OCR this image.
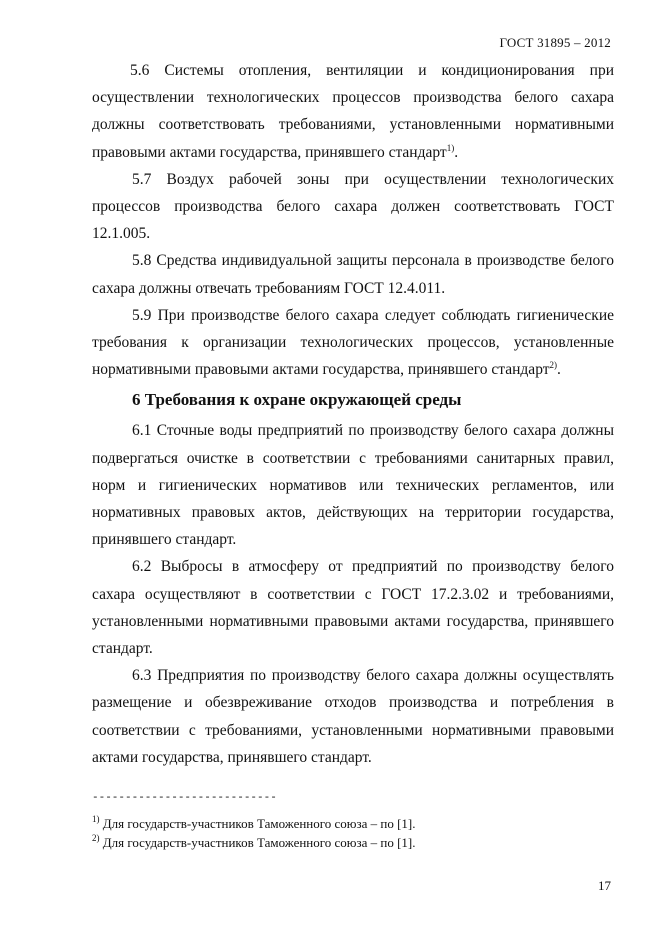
ГОСТ 31895 – 2012

5.6 Системы отопления, вентиляции и кондиционирования при осуществлении технологических процессов производства белого сахара должны соответствовать требованиями, установленными нормативными правовыми актами государства, принявшего стандарт$^{1)}$.

5.7 Воздух рабочей зоны при осуществлении технологических процессов производства белого сахара должен соответствовать ГОСТ 12.1.005.

5.8 Средства индивидуальной защиты персонала в производстве белого сахара должны отвечать требованиям ГОСТ 12.4.011.

5.9 При производстве белого сахара следует соблюдать гигиенические требования к организации технологических процессов, установленные нормативными правовыми актами государства, принявшего стандарт$^{2)}$.

6 Требования к охране окружающей среды

6.1 Сточные воды предприятий по производству белого сахара должны подвергаться очистке в соответствии с требованиями санитарных правил, норм и гигиенических нормативов или технических регламентов, или нормативных правовых актов, действующих на территории государства, принявшего стандарт.

6.2 Выбросы в атмосферу от предприятий по производству белого сахара осуществляют в соответствии с ГОСТ 17.2.3.02 и требованиями, установленными нормативными правовыми актами государства, принявшего стандарт.

6.3 Предприятия по производству белого сахара должны осуществлять размещение и обезвреживание отходов производства и потребления в соответствии с требованиями, установленными нормативными правовыми актами государства, принявшего стандарт.

----------------------------
$^{1)}$ Для государств-участников Таможенного союза – по [1].
$^{2)}$ Для государств-участников Таможенного союза – по [1].
17
